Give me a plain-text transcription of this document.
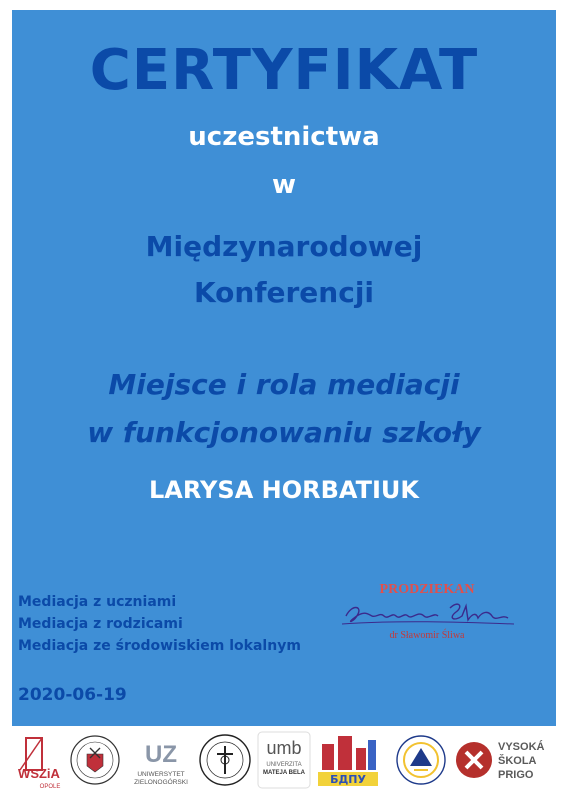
CERTYFIKAT
uczestnictwa
w
Międzynarodowej
Konferencji
Miejsce i rola mediacji
w funkcjonowaniu szkoły
LARYSA HORBATIUK
Mediacja z uczniami
Mediacja z rodzicami
Mediacja ze środowiskiem lokalnym
2020-06-19
PRODZIEKAN
dr Sławomir Śliwa
WSZiA
OPOLE
UZ
UNIWERSYTET
ZIELONOGÓRSKI
umb
UNIVERZITA
MATEJA BELA БДПУ
VYSOKÁ
ŠKOLA
PRIGO
